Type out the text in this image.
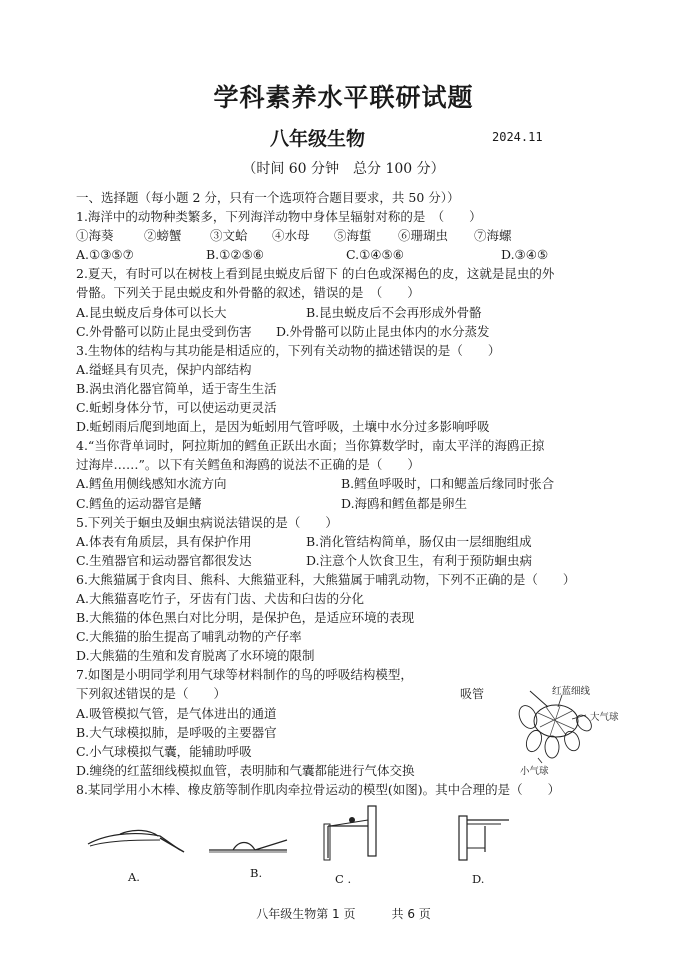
学科素养水平联研试题
八年级生物	2024.11
（时间 60 分钟　总分 100 分）
一、选择题（每小题 2 分，只有一个选项符合题目要求，共 50 分））
1.海洋中的动物种类繁多，下列海洋动物中身体呈辐射对称的是　（　　）
①海葵 ②螃蟹 ③文蛤 ④水母 ⑤海蜇 ⑥珊瑚虫 ⑦海螺
A.①③⑤⑦	B.①②⑤⑥	C.①④⑤⑥	D.③④⑤
2.夏天，有时可以在树枝上看到昆虫蜕皮后留下 的白色或深褐色的皮，这就是昆虫的外
骨骼。下列关于昆虫蜕皮和外骨骼的叙述，错误的是　（　　）
A.昆虫蜕皮后身体可以长大	B.昆虫蜕皮后不会再形成外骨骼
C.外骨骼可以防止昆虫受到伤害 D.外骨骼可以防止昆虫体内的水分蒸发
3.生物体的结构与其功能是相适应的，下列有关动物的描述错误的是（　　）
A.缢蛏具有贝壳，保护内部结构
B.涡虫消化器官简单，适于寄生生活
C.蚯蚓身体分节，可以使运动更灵活
D.蚯蚓雨后爬到地面上，是因为蚯蚓用气管呼吸，土壤中水分过多影响呼吸
4.“当你背单词时，阿拉斯加的鳕鱼正跃出水面；当你算数学时，南太平洋的海鸥正掠
过海岸……”。以下有关鳕鱼和海鸥的说法不正确的是（　　）
A.鳕鱼用侧线感知水流方向	B.鳕鱼呼吸时，口和鳃盖后缘同时张合
C.鳕鱼的运动器官是鳍	D.海鸥和鳕鱼都是卵生
5.下列关于蛔虫及蛔虫病说法错误的是（　　）
A.体表有角质层，具有保护作用	B.消化管结构简单，肠仅由一层细胞组成
C.生殖器官和运动器官都很发达	D.注意个人饮食卫生，有利于预防蛔虫病
6.大熊猫属于食肉目、熊科、大熊猫亚科，大熊猫属于哺乳动物，下列不正确的是（　　）
A.大熊猫喜吃竹子，牙齿有门齿、犬齿和臼齿的分化
B.大熊猫的体色黑白对比分明，是保护色，是适应环境的表现
C.大熊猫的胎生提高了哺乳动物的产仔率
D.大熊猫的生殖和发育脱离了水环境的限制
7.如图是小明同学利用气球等材料制作的鸟的呼吸结构模型，
下列叙述错误的是（　　）
A.吸管模拟气管，是气体进出的通道
B.大气球模拟肺，是呼吸的主要器官
C.小气球模拟气囊，能辅助呼吸
D.缠绕的红蓝细线模拟血管，表明肺和气囊都能进行气体交换
8.某同学用小木棒、橡皮筋等制作肌肉牵拉骨运动的模型(如图)。其中合理的是（　　）
红蓝细线
吸管
大气球
小气球
A.	B.	C .	D.
八年级生物第 1 页　　　共 6 页
